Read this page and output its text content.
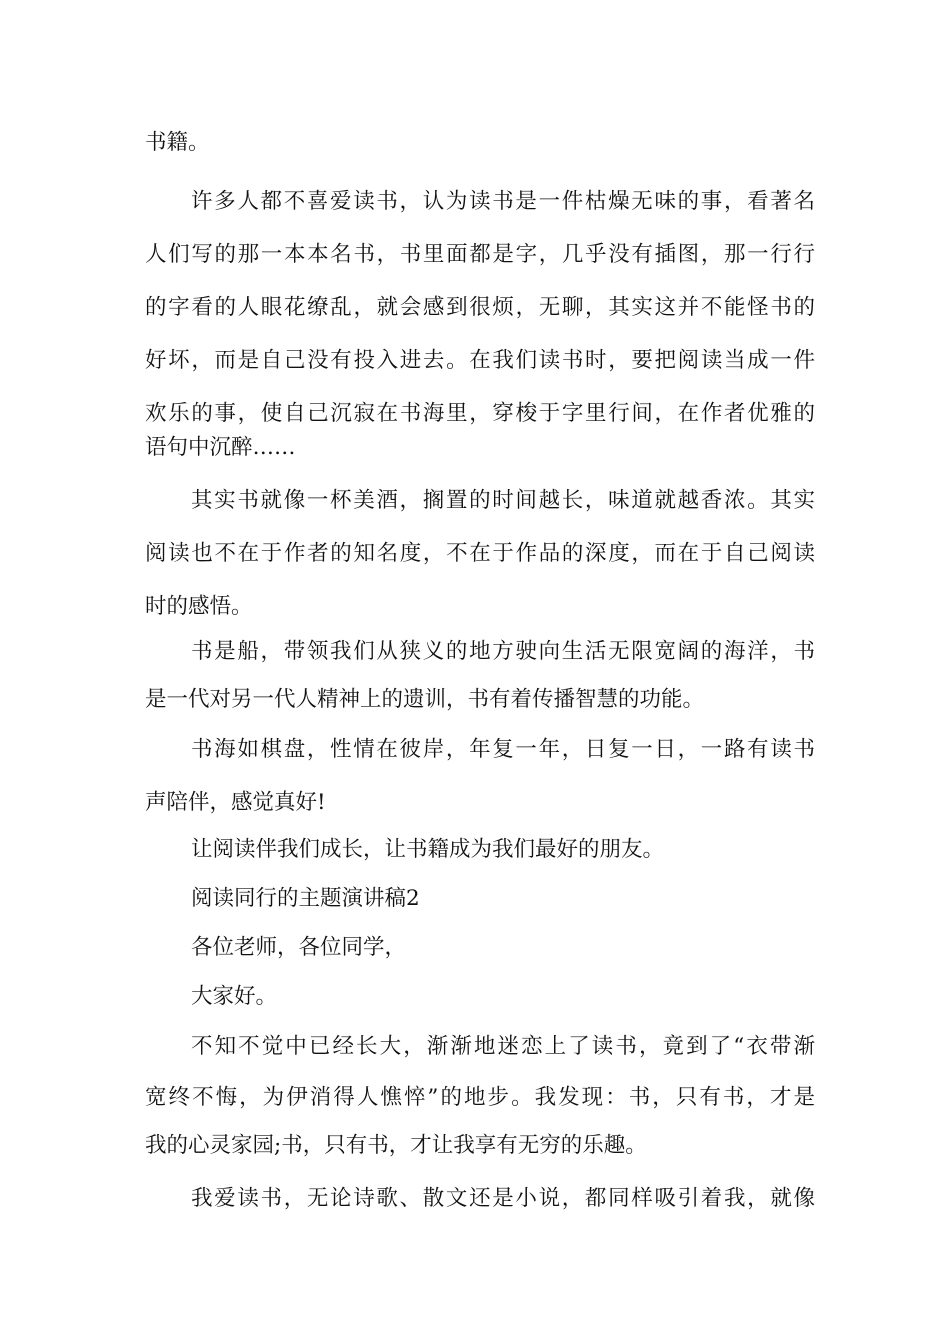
书籍。
许多人都不喜爱读书，认为读书是一件枯燥无味的事，看著名
人们写的那一本本名书，书里面都是字，几乎没有插图，那一行行
的字看的人眼花缭乱，就会感到很烦，无聊，其实这并不能怪书的
好坏，而是自己没有投入进去。在我们读书时，要把阅读当成一件
欢乐的事，使自己沉寂在书海里，穿梭于字里行间，在作者优雅的
语句中沉醉……
其实书就像一杯美酒，搁置的时间越长，味道就越香浓。其实
阅读也不在于作者的知名度，不在于作品的深度，而在于自己阅读
时的感悟。
书是船，带领我们从狭义的地方驶向生活无限宽阔的海洋，书
是一代对另一代人精神上的遗训，书有着传播智慧的功能。
书海如棋盘，性情在彼岸，年复一年，日复一日，一路有读书
声陪伴，感觉真好!
让阅读伴我们成长，让书籍成为我们最好的朋友。
阅读同行的主题演讲稿2
各位老师，各位同学，
大家好。
不知不觉中已经长大，渐渐地迷恋上了读书，竟到了“衣带渐
宽终不悔，为伊消得人憔悴”的地步。我发现：书，只有书，才是
我的心灵家园;书，只有书，才让我享有无穷的乐趣。
我爱读书，无论诗歌、散文还是小说，都同样吸引着我，就像
